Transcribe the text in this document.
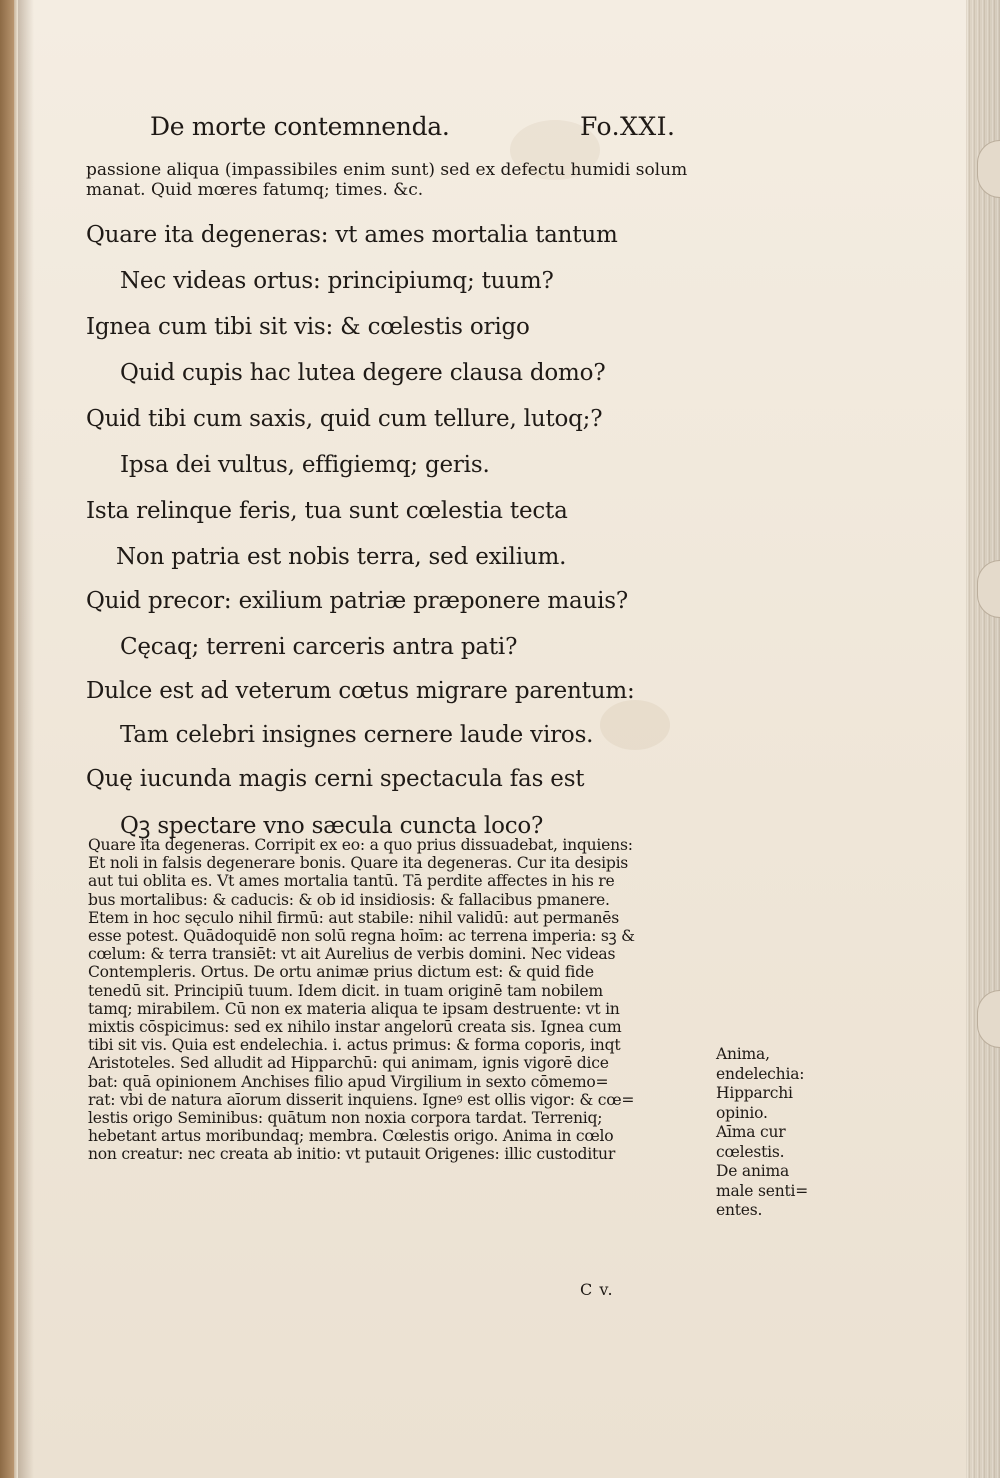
De morte contemnenda.	Fo.XXI.
passione aliqua (impassibiles enim sunt) sed ex defectu humidi solum
manat. Quid mœres fatumq; times. &c.
Quare ita degeneras: vt ames mortalia tantum
Nec videas ortus: principiumq; tuum?
Ignea cum tibi sit vis: & cœlestis origo
Quid cupis hac lutea degere clausa domo?
Quid tibi cum saxis, quid cum tellure, lutoq;?
Ipsa dei vultus, effigiemq; geris.
Ista relinque feris, tua sunt cœlestia tecta
Non patria est nobis terra, sed exilium.
Quid precor: exilium patriæ præponere mauis?
Cęcaq; terreni carceris antra pati?
Dulce est ad veterum cœtus migrare parentum:
Tam celebri insignes cernere laude viros.
Quę iucunda magis cerni spectacula fas est
Qꝫ spectare vno sæcula cuncta loco?
Quare ita degeneras. Corripit ex eo: a quo prius dissuadebat, inquiens:
Et noli in falsis degenerare bonis. Quare ita degeneras. Cur ita desipis
aut tui oblita es. Vt ames mortalia tantū. Tā perdite affectes in his re
bus mortalibus: & caducis: & ob id insidiosis: & fallacibus pmanere.
Etem in hoc sęculo nihil firmū: aut stabile: nihil validū: aut permanēs
esse potest. Quādoquidē non solū regna hoīm: ac terrena imperia: sꝫ &
cœlum: & terra transiēt: vt ait Aurelius de verbis domini. Nec videas
Contempleris. Ortus. De ortu animæ prius dictum est: & quid fide
tenedū sit. Principiū tuum. Idem dicit. in tuam originē tam nobilem
tamq; mirabilem. Cū non ex materia aliqua te ipsam destruente: vt in
mixtis cōspicimus: sed ex nihilo instar angelorū creata sis. Ignea cum
tibi sit vis. Quia est endelechia. i. actus primus: & forma coporis, inqt
Aristoteles. Sed alludit ad Hipparchū: qui animam, ignis vigorē dice
bat: quā opinionem Anchises filio apud Virgilium in sexto cōmemo=
rat: vbi de natura aīorum disserit inquiens. Igneꝰ est ollis vigor: & cœ=
lestis origo Seminibus: quātum non noxia corpora tardat. Terreniq;
hebetant artus moribundaq; membra. Cœlestis origo. Anima in cœlo
non creatur: nec creata ab initio: vt putauit Origenes: illic custoditur
Anima,
endelechia:
Hipparchi
opinio.
Aīma cur
cœlestis.
De anima
male senti=
entes.
C v.
